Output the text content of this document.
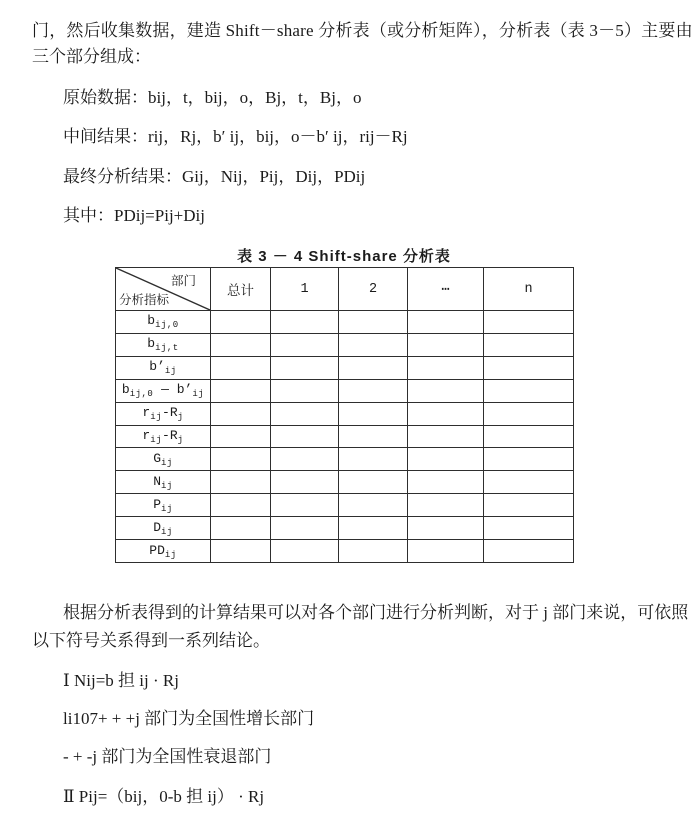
门，然后收集数据，建造 Shift－share 分析表（或分析矩阵），分析表（表 3－5）主要由
三个部分组成：
原始数据：bij，t，bij，o，Bj，t，Bj，o
中间结果：rij，Rj，b′ ij，bij，o－b′ ij，rij－Rj
最终分析结果：Gij，Nij，Pij，Dij，PDij
其中：PDij=Pij+Dij
表 3 － 4 Shift-share 分析表
部门
分析指标	总计	1	2	⋯	n
$b_{ij,0}$					
$b_{ij,t}$					
$b’_{ij}$					
$b_{ij,0}$ ― $b’_{ij}$					
$r_{ij}-R_j$					
$r_{ij}-R_j$					
$G_{ij}$					
$N_{ij}$					
$P_{ij}$					
$D_{ij}$					
$PD_{ij}$					
根据分析表得到的计算结果可以对各个部门进行分析判断，对于 j 部门来说，可依照
以下符号关系得到一系列结论。
Ⅰ Nij=b 担 ij · Rj
li107+ + +j 部门为全国性增长部门
- + -j 部门为全国性衰退部门
Ⅱ Pij=（bij，0-b 担 ij） · Rj
